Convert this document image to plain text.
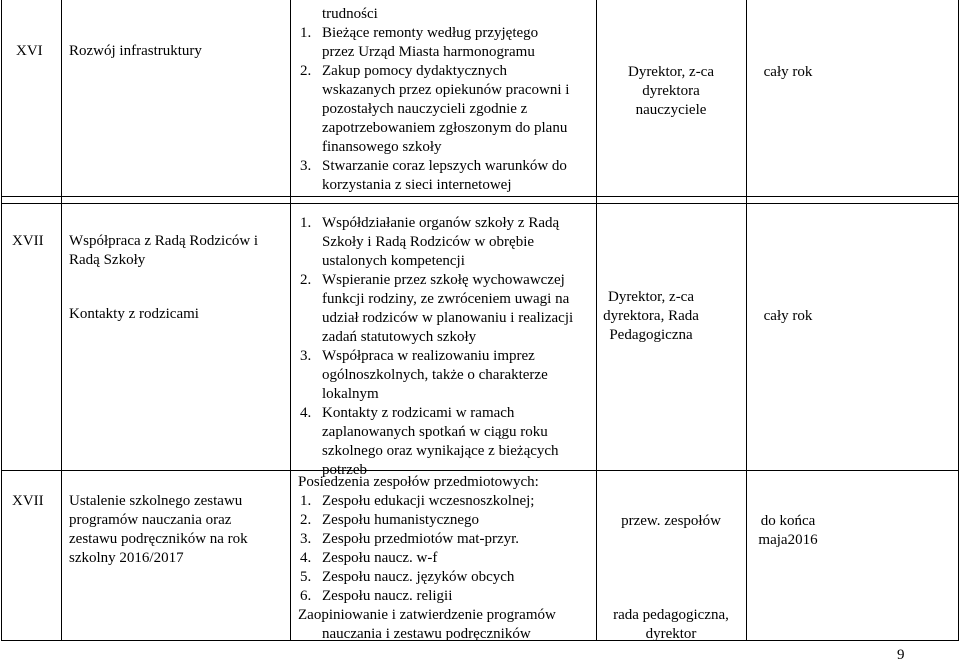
XVI Rozwój infrastruktury
trudności
1. Bieżące remonty według przyjętego
przez Urząd Miasta harmonogramu
2. Zakup pomocy dydaktycznych
wskazanych przez opiekunów pracowni i
pozostałych nauczycieli zgodnie z
zapotrzebowaniem zgłoszonym do planu
finansowego szkoły
3. Stwarzanie coraz lepszych warunków do
korzystania z sieci internetowej
Dyrektor, z-ca
dyrektora
nauczyciele
cały rok
XVII Współpraca z Radą Rodziców i
Radą Szkoły
Kontakty z rodzicami
1. Współdziałanie organów szkoły z Radą
Szkoły i Radą Rodziców w obrębie
ustalonych kompetencji
2. Wspieranie przez szkołę wychowawczej
funkcji rodziny, ze zwróceniem uwagi na
udział rodziców w planowaniu i realizacji
zadań statutowych szkoły
3. Współpraca w realizowaniu imprez
ogólnoszkolnych, także o charakterze
lokalnym
4. Kontakty z rodzicami w ramach
zaplanowanych spotkań w ciągu roku
szkolnego oraz wynikające z bieżących
potrzeb
Dyrektor, z-ca
dyrektora, Rada
Pedagogiczna
cały rok
XVII Ustalenie szkolnego zestawu
programów nauczania oraz
zestawu podręczników na rok
szkolny 2016/2017
Posiedzenia zespołów przedmiotowych:
1. Zespołu edukacji wczesnoszkolnej;
2. Zespołu humanistycznego
3. Zespołu przedmiotów mat-przyr.
4. Zespołu naucz. w-f
5. Zespołu naucz. języków obcych
6. Zespołu naucz. religii
Zaopiniowanie i zatwierdzenie programów
nauczania i zestawu podręczników
przew. zespołów
rada pedagogiczna,
dyrektor
do końca
maja2016
9
